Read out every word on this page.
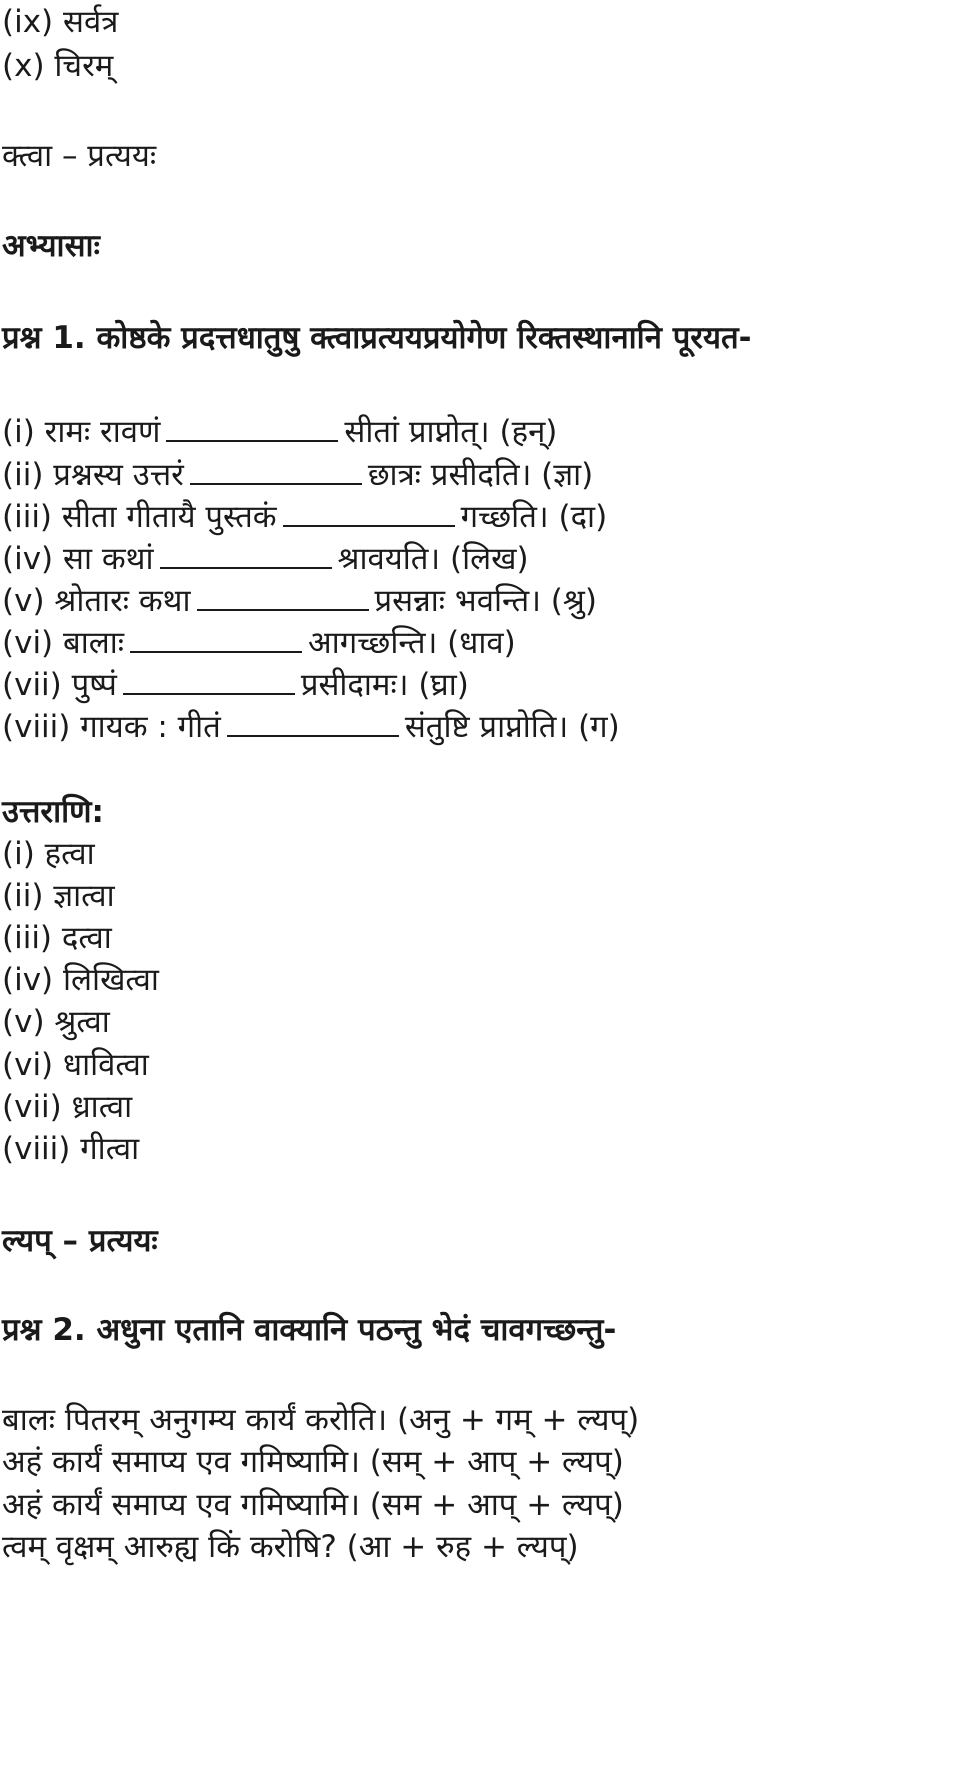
(ix) सर्वत्र
(x) चिरम्
क्त्वा – प्रत्ययः
अभ्यासाः
प्रश्न 1. कोष्ठके प्रदत्तधातुषु क्त्वाप्रत्ययप्रयोगेण रिक्तस्थानानि पूरयत-
(i) रामः रावणं	सीतां प्राप्नोत्। (हन्)
(ii) प्रश्नस्य उत्तरं	छात्रः प्रसीदति। (ज्ञा)
(iii) सीता गीतायै पुस्तकं	गच्छति। (दा)
(iv) सा कथां	श्रावयति। (लिख)
(v) श्रोतारः कथा	प्रसन्नाः भवन्ति। (श्रु)
(vi) बालाः	आगच्छन्ति। (धाव)
(vii) पुष्पं	प्रसीदामः। (घ्रा)
(viii) गायक : गीतं	संतुष्टि प्राप्नोति। (ग)
उत्तराणि:
(i) हत्वा
(ii) ज्ञात्वा
(iii) दत्वा
(iv) लिखित्वा
(v) श्रुत्वा
(vi) धावित्वा
(vii) ध्रात्वा
(viii) गीत्वा
ल्यप् – प्रत्ययः
प्रश्न 2. अधुना एतानि वाक्यानि पठन्तु भेदं चावगच्छन्तु-
बालः पितरम् अनुगम्य कार्यं करोति। (अनु + गम् + ल्यप्)
अहं कार्यं समाप्य एव गमिष्यामि। (सम् + आप् + ल्यप्)
अहं कार्यं समाप्य एव गमिष्यामि। (सम + आप् + ल्यप्)
त्वम् वृक्षम् आरुह्य किं करोषि? (आ + रुह + ल्यप्)
